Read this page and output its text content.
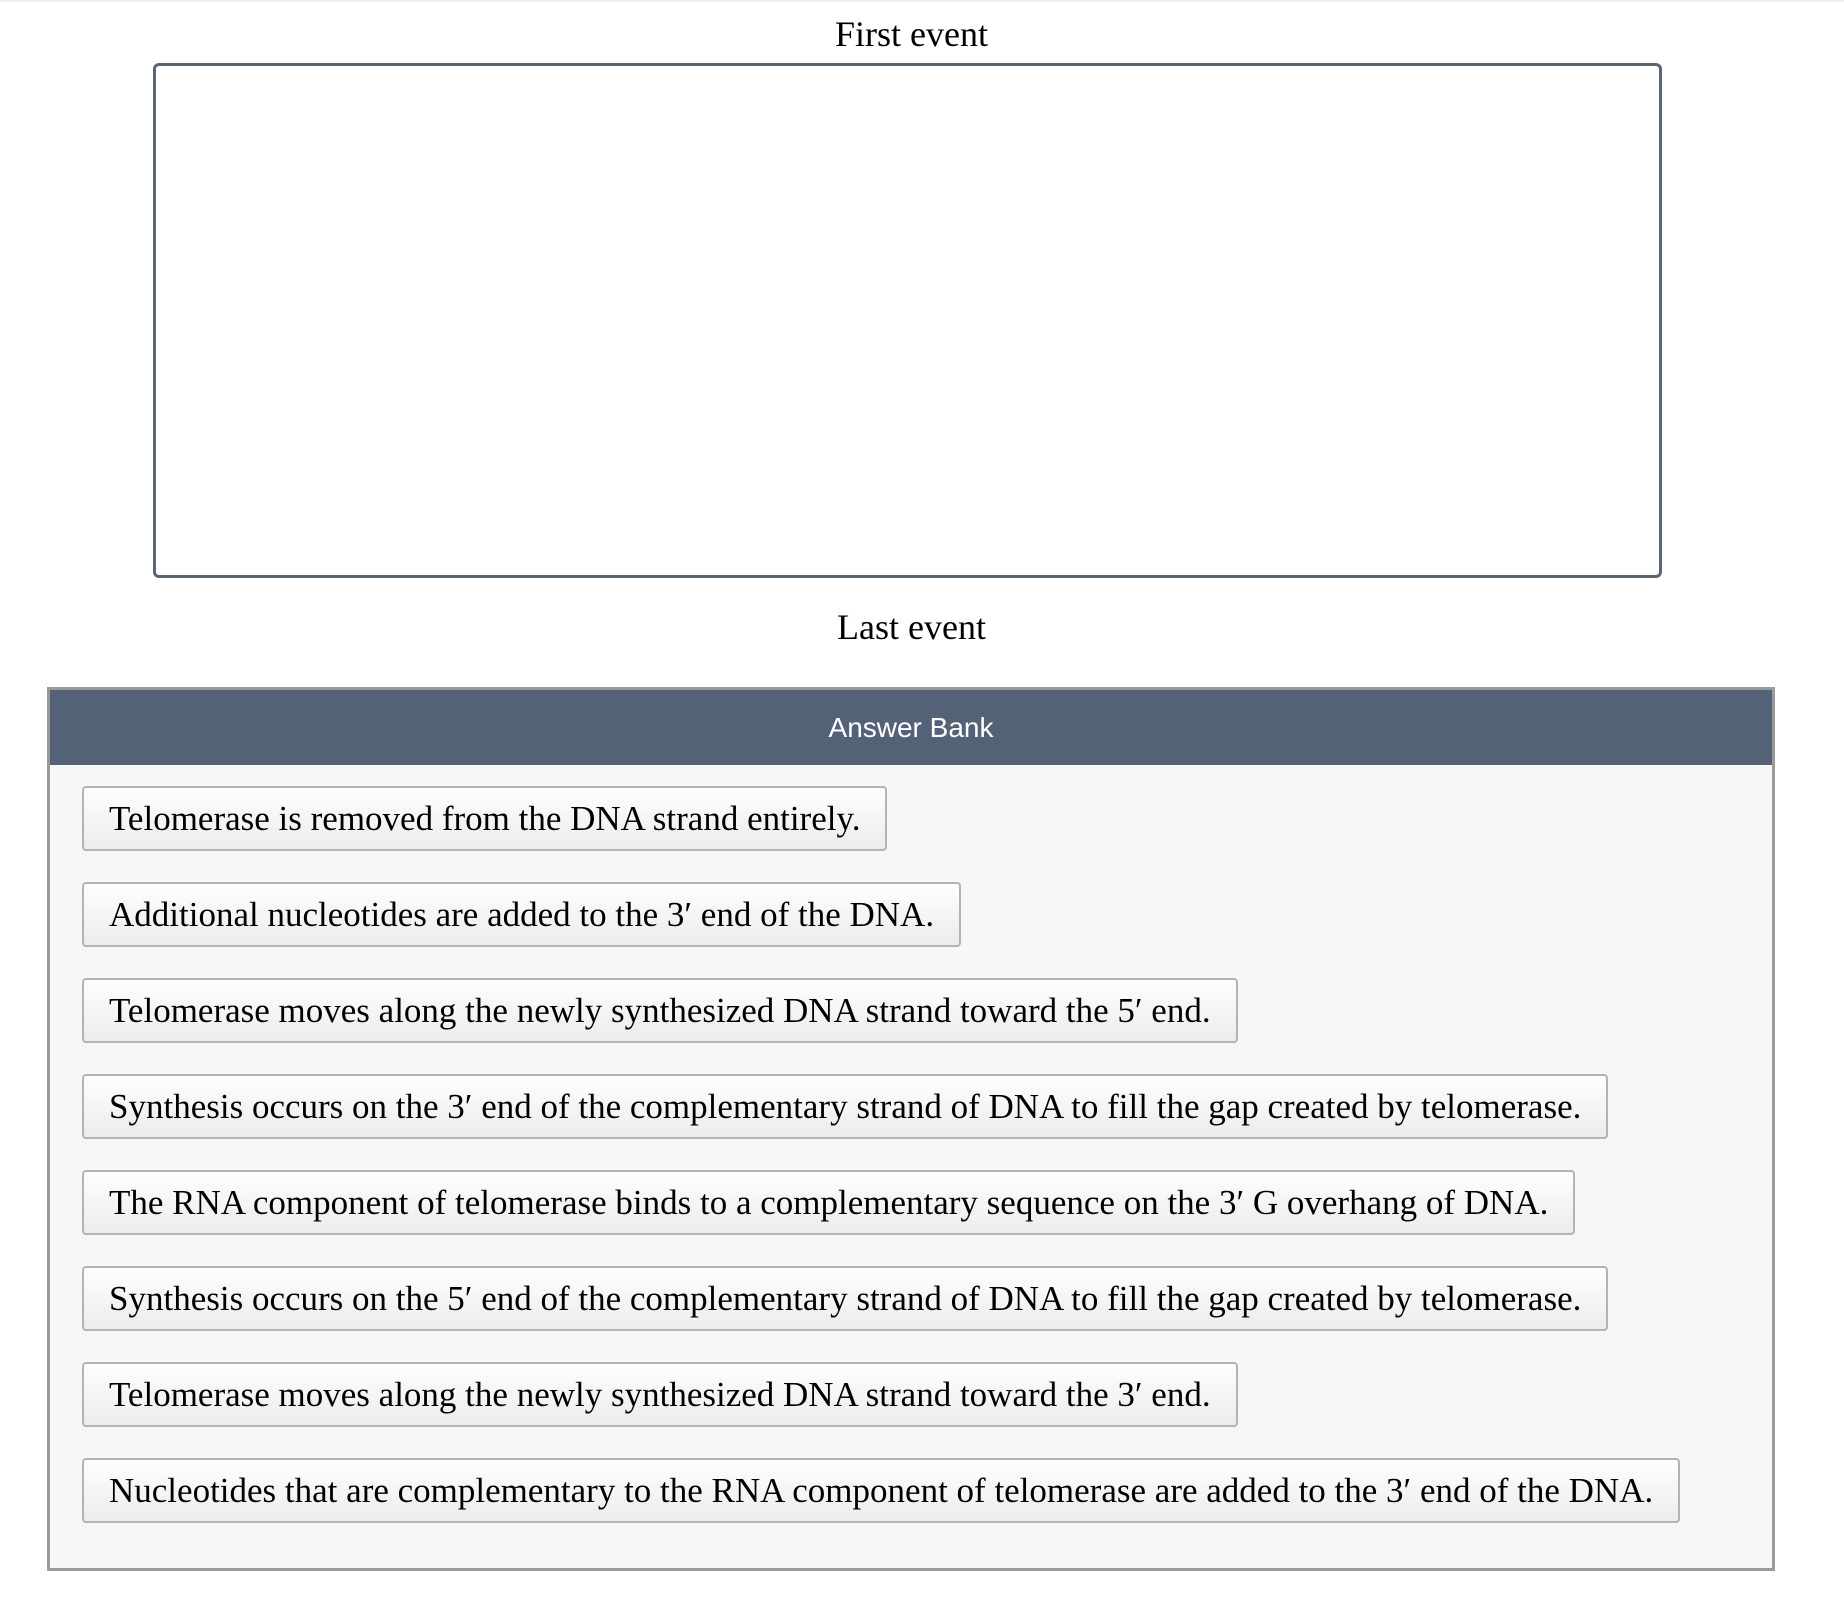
First event
Last event
Answer Bank
Telomerase is removed from the DNA strand entirely.
Additional nucleotides are added to the 3′ end of the DNA.
Telomerase moves along the newly synthesized DNA strand toward the 5′ end.
Synthesis occurs on the 3′ end of the complementary strand of DNA to fill the gap created by telomerase.
The RNA component of telomerase binds to a complementary sequence on the 3′ G overhang of DNA.
Synthesis occurs on the 5′ end of the complementary strand of DNA to fill the gap created by telomerase.
Telomerase moves along the newly synthesized DNA strand toward the 3′ end.
Nucleotides that are complementary to the RNA component of telomerase are added to the 3′ end of the DNA.
